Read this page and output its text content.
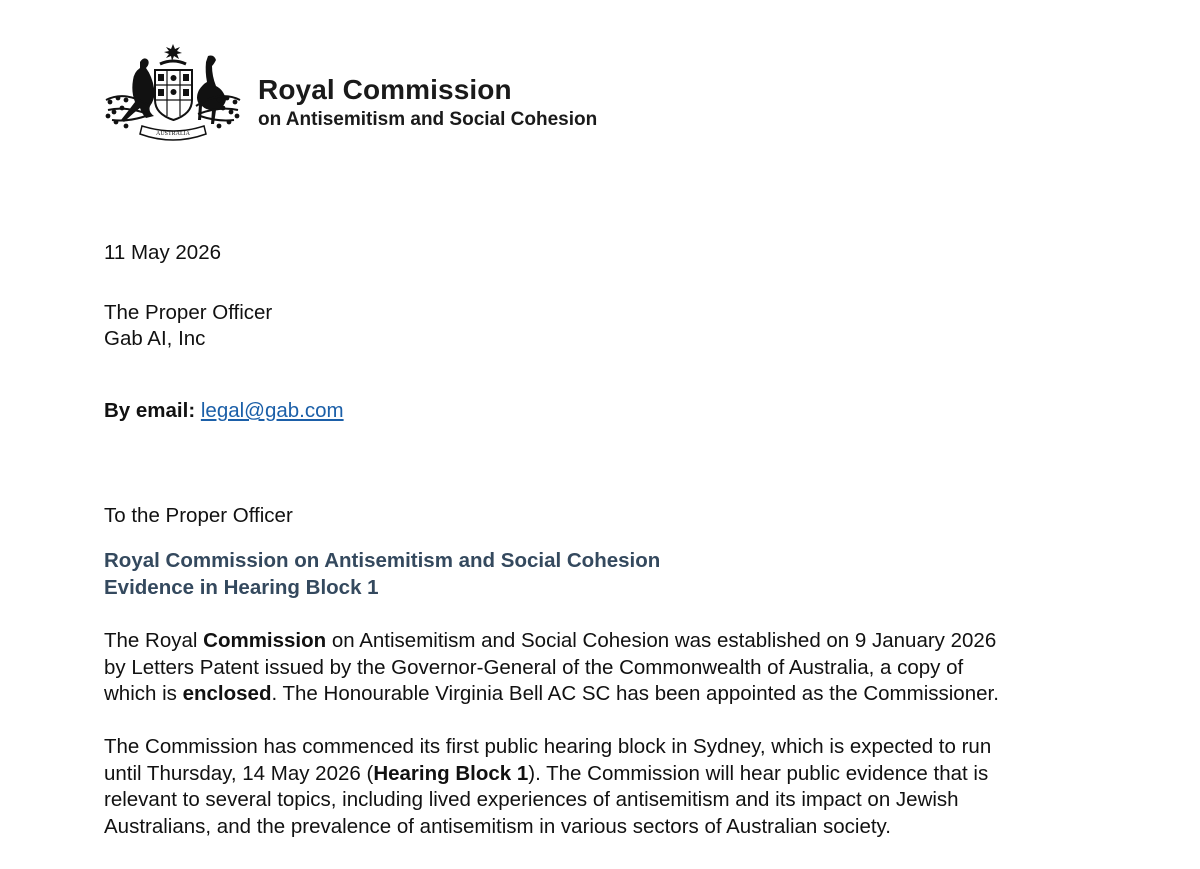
AUSTRALIA
Royal Commission
on Antisemitism and Social Cohesion
11 May 2026
The Proper Officer
Gab AI, Inc
By email: legal@gab.com
To the Proper Officer
Royal Commission on Antisemitism and Social Cohesion
Evidence in Hearing Block 1
The Royal Commission on Antisemitism and Social Cohesion was established on 9 January 2026
by Letters Patent issued by the Governor-General of the Commonwealth of Australia, a copy of
which is enclosed. The Honourable Virginia Bell AC SC has been appointed as the Commissioner.
The Commission has commenced its first public hearing block in Sydney, which is expected to run
until Thursday, 14 May 2026 (Hearing Block 1). The Commission will hear public evidence that is
relevant to several topics, including lived experiences of antisemitism and its impact on Jewish
Australians, and the prevalence of antisemitism in various sectors of Australian society.
